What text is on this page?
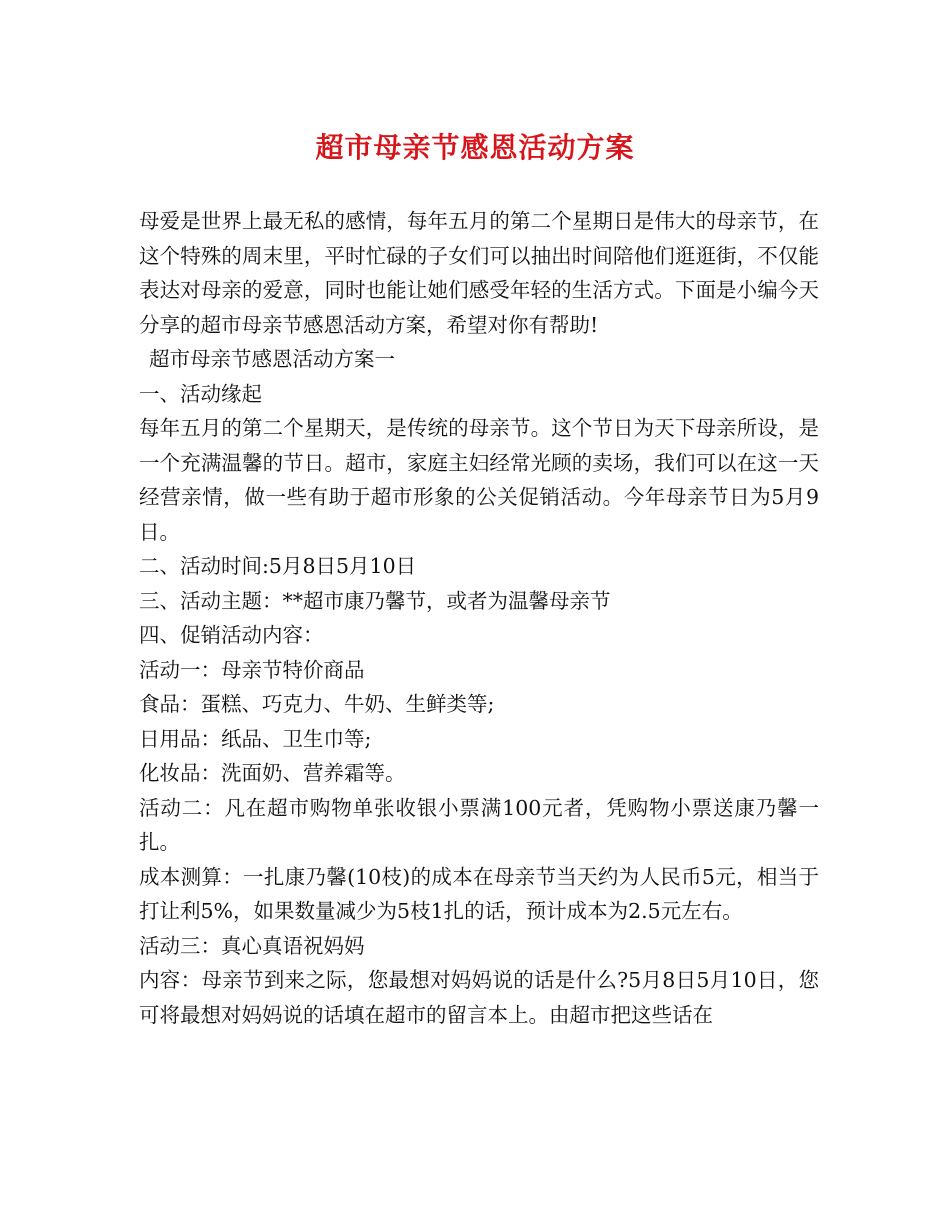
超市母亲节感恩活动方案

母爱是世界上最无私的感情，每年五月的第二个星期日是伟大的母亲节，在这个特殊的周末里，平时忙碌的子女们可以抽出时间陪他们逛逛街，不仅能表达对母亲的爱意，同时也能让她们感受年轻的生活方式。下面是小编今天分享的超市母亲节感恩活动方案，希望对你有帮助!

超市母亲节感恩活动方案一

一、活动缘起

每年五月的第二个星期天，是传统的母亲节。这个节日为天下母亲所设，是一个充满温馨的节日。超市，家庭主妇经常光顾的卖场，我们可以在这一天经营亲情，做一些有助于超市形象的公关促销活动。今年母亲节日为5月9日。

二、活动时间:5月8日5月10日

三、活动主题：**超市康乃馨节，或者为温馨母亲节

四、促销活动内容：

活动一：母亲节特价商品

食品：蛋糕、巧克力、牛奶、生鲜类等;

日用品：纸品、卫生巾等;

化妆品：洗面奶、营养霜等。

活动二：凡在超市购物单张收银小票满100元者，凭购物小票送康乃馨一扎。

成本测算：一扎康乃馨(10枝)的成本在母亲节当天约为人民币5元，相当于打让利5%，如果数量减少为5枝1扎的话，预计成本为2.5元左右。

活动三：真心真语祝妈妈

内容：母亲节到来之际，您最想对妈妈说的话是什么?5月8日5月10日，您可将最想对妈妈说的话填在超市的留言本上。由超市把这些话在
